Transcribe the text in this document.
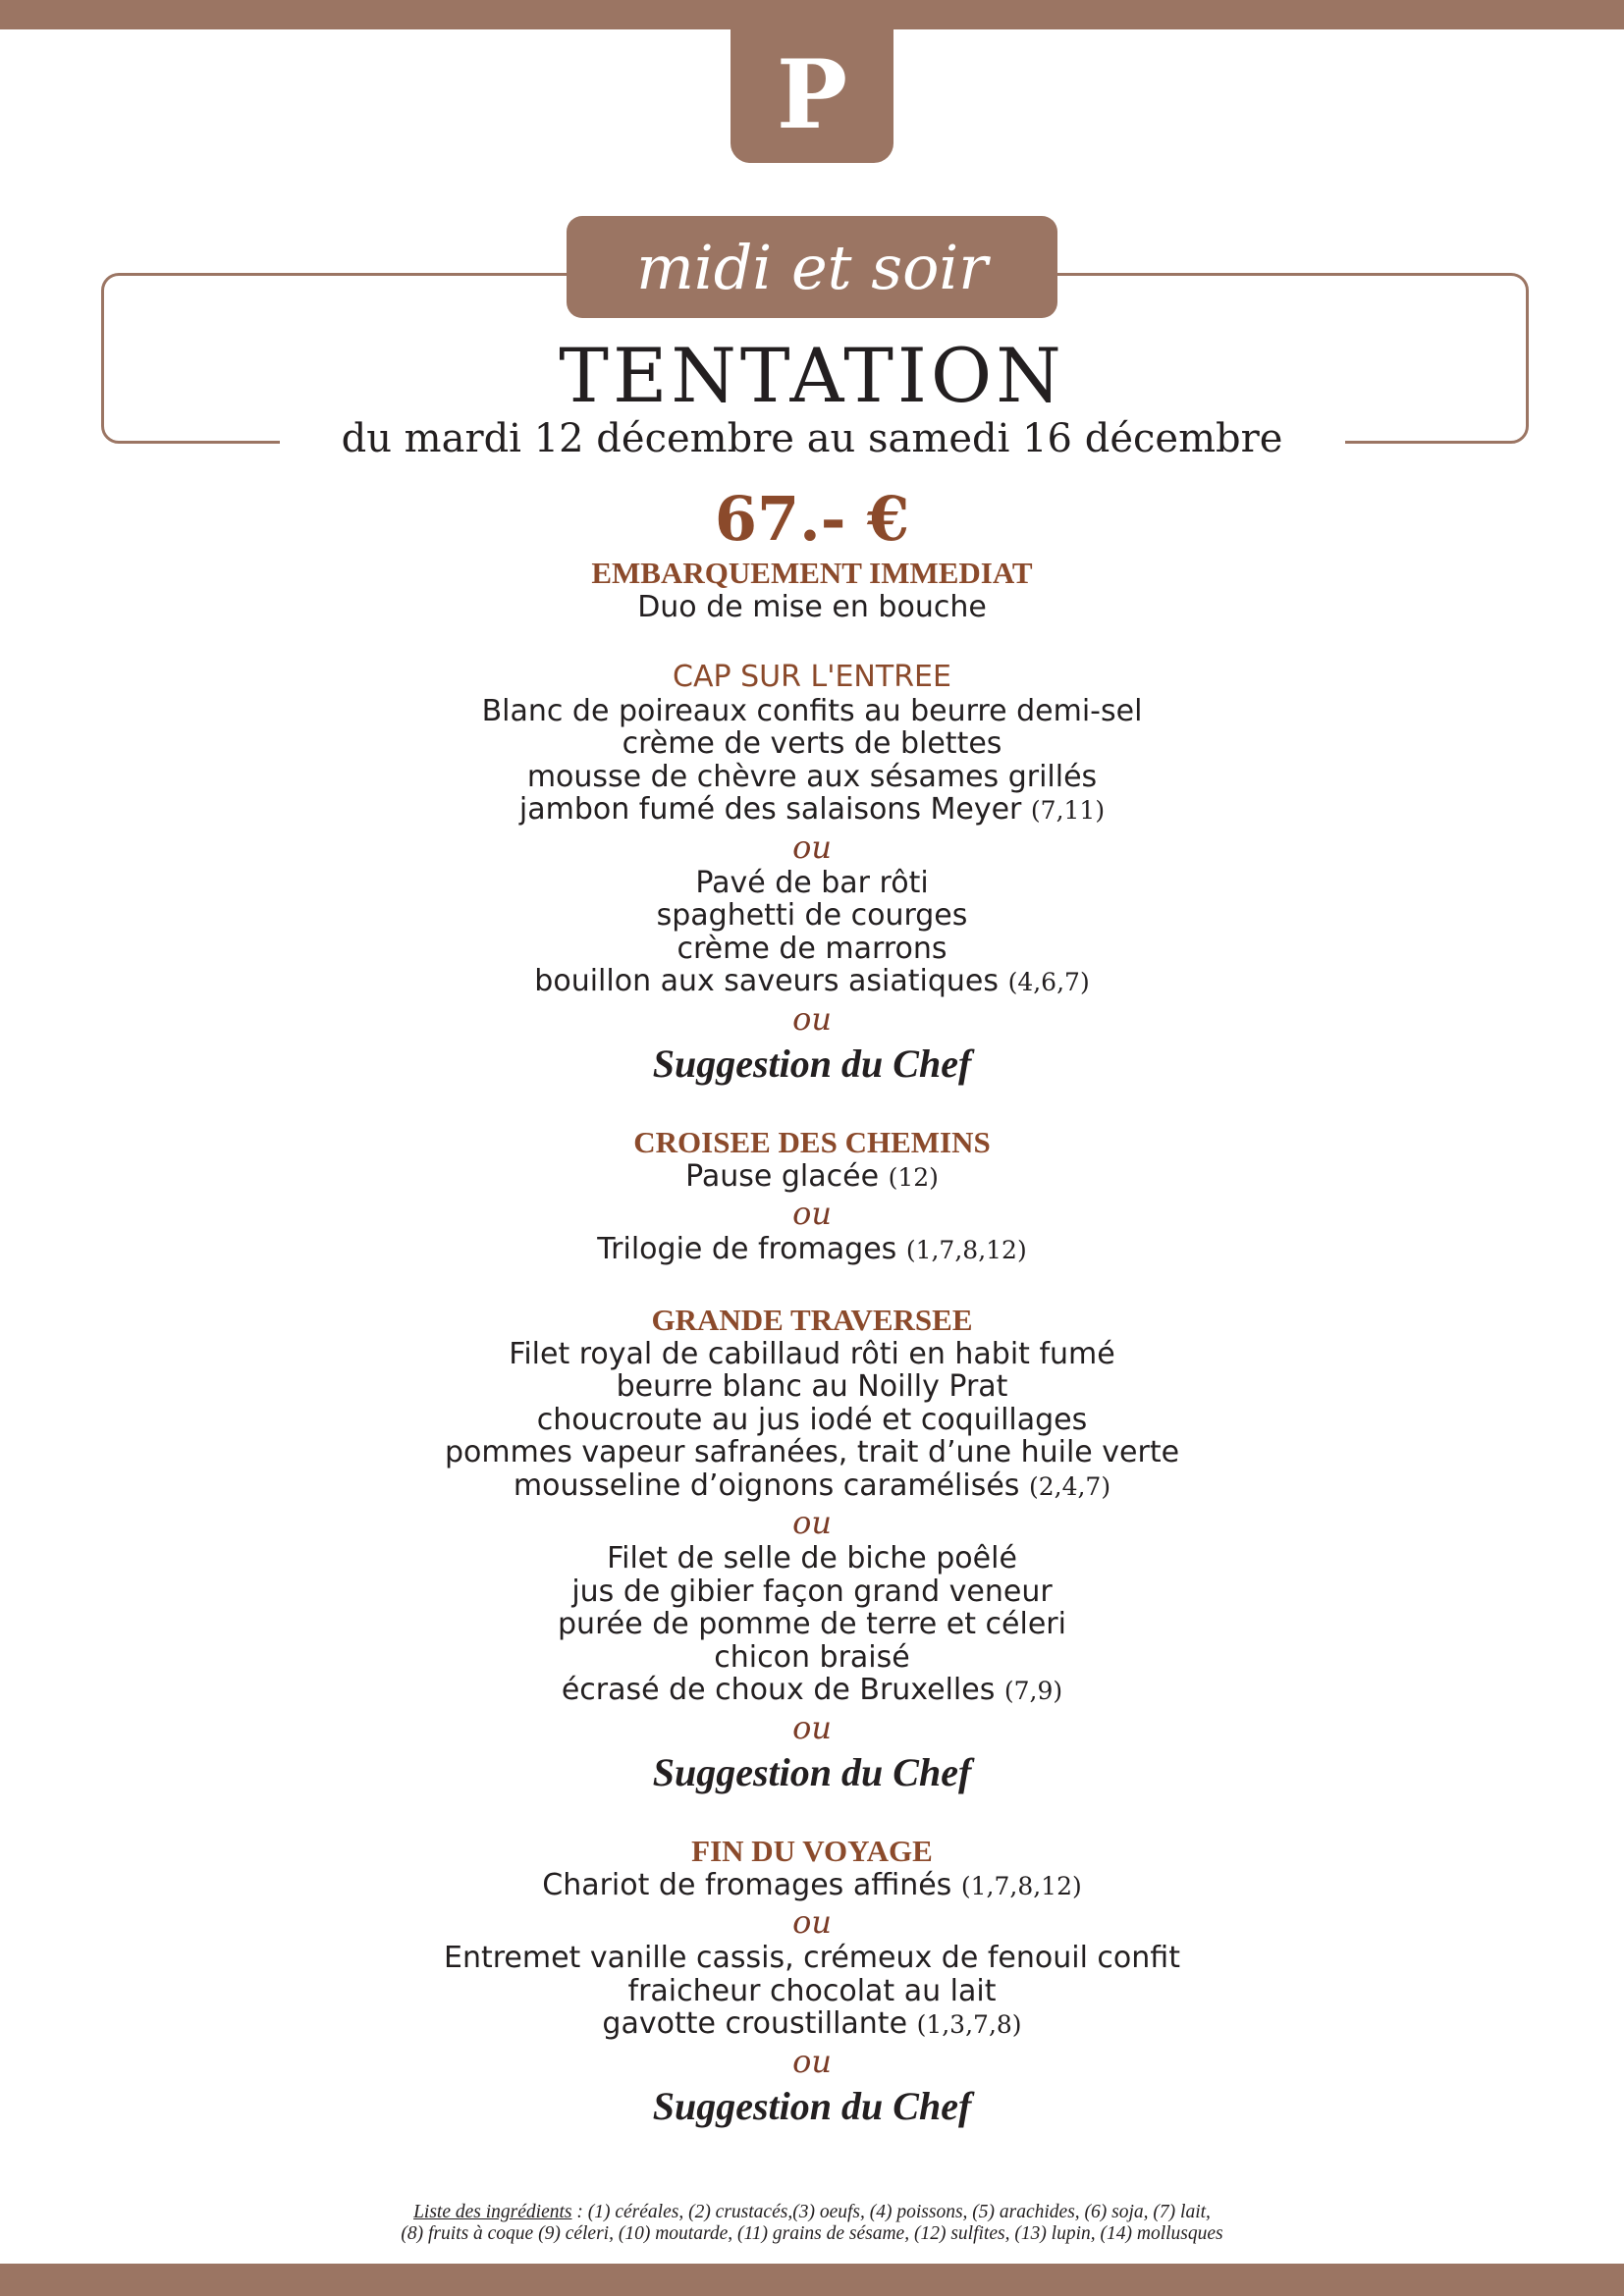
P
midi et soir
TENTATION
du mardi 12 décembre au samedi 16 décembre
67.- €

EMBARQUEMENT IMMEDIAT

Duo de mise en bouche

CAP SUR L'ENTREE

Blanc de poireaux confits au beurre demi-sel

crème de verts de blettes

mousse de chèvre aux sésames grillés

jambon fumé des salaisons Meyer (7,11)

ou

Pavé de bar rôti

spaghetti de courges

crème de marrons

bouillon aux saveurs asiatiques (4,6,7)

ou

Suggestion du Chef

CROISEE DES CHEMINS

Pause glacée (12)

ou

Trilogie de fromages (1,7,8,12)

GRANDE TRAVERSEE

Filet royal de cabillaud rôti en habit fumé

beurre blanc au Noilly Prat

choucroute au jus iodé et coquillages

pommes vapeur safranées, trait d’une huile verte

mousseline d’oignons caramélisés (2,4,7)

ou

Filet de selle de biche poêlé

jus de gibier façon grand veneur

purée de pomme de terre et céleri

chicon braisé

écrasé de choux de Bruxelles (7,9)

ou

Suggestion du Chef

FIN DU VOYAGE

Chariot de fromages affinés (1,7,8,12)

ou

Entremet vanille cassis, crémeux de fenouil confit

fraicheur chocolat au lait

gavotte croustillante (1,3,7,8)

ou

Suggestion du Chef

Liste des ingrédients : (1) céréales, (2) crustacés,(3) oeufs, (4) poissons, (5) arachides, (6) soja, (7) lait,
(8) fruits à coque (9) céleri, (10) moutarde, (11) grains de sésame, (12) sulfites, (13) lupin, (14) mollusques
